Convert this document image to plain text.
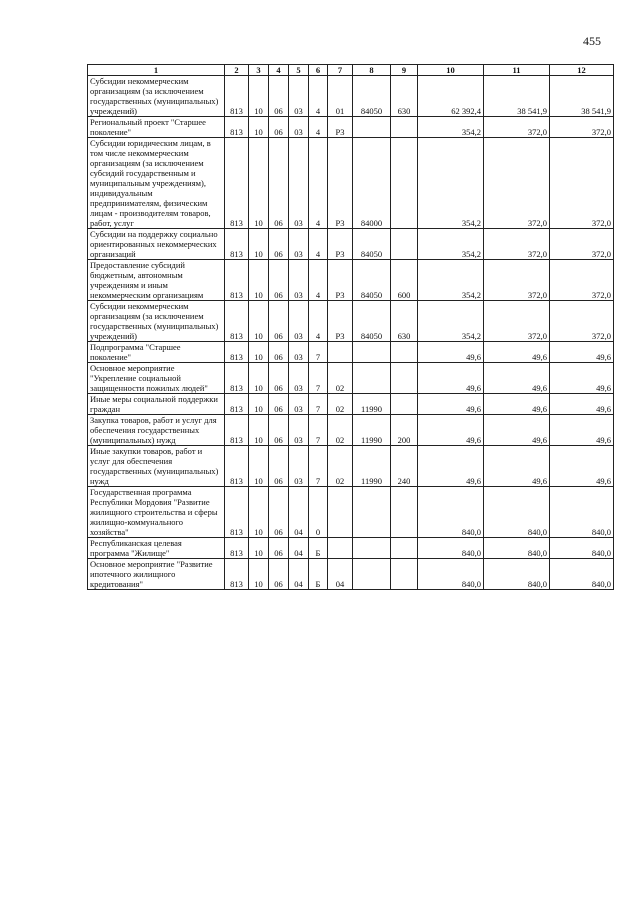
455
1	2	3	4	5	6	7	8	9	10	11	12
Субсидии некоммерческим организациям (за исключением государственных (муниципальных) учреждений)	813	10	06	03	4	01	84050	630	62 392,4	38 541,9	38 541,9
Региональный проект "Старшее поколение"	813	10	06	03	4	P3			354,2	372,0	372,0
Субсидии юридическим лицам, в том числе некоммерческим организациям (за исключением субсидий государственным и муниципальным учреждениям), индивидуальным предпринимателям, физическим лицам - производителям товаров, работ, услуг	813	10	06	03	4	P3	84000		354,2	372,0	372,0
Субсидии на поддержку социально ориентированных некоммерческих организаций	813	10	06	03	4	P3	84050		354,2	372,0	372,0
Предоставление субсидий бюджетным, автономным учреждениям и иным некоммерческим организациям	813	10	06	03	4	P3	84050	600	354,2	372,0	372,0
Субсидии некоммерческим организациям (за исключением государственных (муниципальных) учреждений)	813	10	06	03	4	P3	84050	630	354,2	372,0	372,0
Подпрограмма "Старшее поколение"	813	10	06	03	7				49,6	49,6	49,6
Основное мероприятие "Укрепление социальной защищенности пожилых людей"	813	10	06	03	7	02			49,6	49,6	49,6
Иные меры социальной поддержки граждан	813	10	06	03	7	02	11990		49,6	49,6	49,6
Закупка товаров, работ и услуг для обеспечения государственных (муниципальных) нужд	813	10	06	03	7	02	11990	200	49,6	49,6	49,6
Иные закупки товаров, работ и услуг для обеспечения государственных (муниципальных) нужд	813	10	06	03	7	02	11990	240	49,6	49,6	49,6
Государственная программа Республики Мордовия "Развитие жилищного строительства и сферы жилищно-коммунального хозяйства"	813	10	06	04	0				840,0	840,0	840,0
Республиканская целевая программа "Жилище"	813	10	06	04	Б				840,0	840,0	840,0
Основное мероприятие "Развитие ипотечного жилищного кредитования"	813	10	06	04	Б	04			840,0	840,0	840,0
